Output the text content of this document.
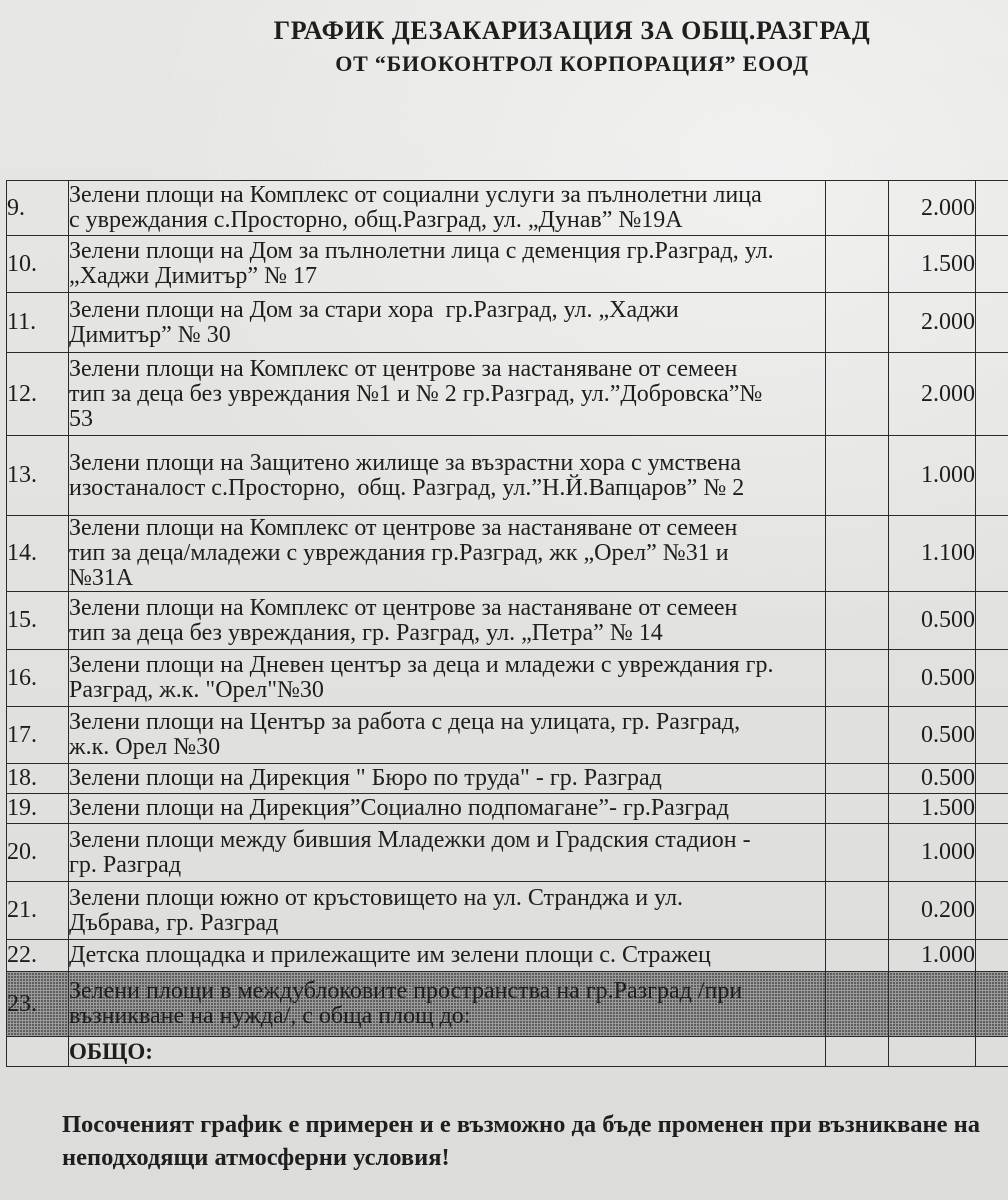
ГРАФИК ДЕЗАКАРИЗАЦИЯ ЗА ОБЩ.РАЗГРАД
ОТ “БИОКОНТРОЛ КОРПОРАЦИЯ” ЕООД
9.	Зелени площи на Комплекс от социални услуги за пълнолетни лица
с увреждания с.Просторно, общ.Разград, ул. „Дунав” №19А		2.000	
10.	Зелени площи на Дом за пълнолетни лица с деменция гр.Разград, ул.
„Хаджи Димитър” № 17		1.500	
11.	Зелени площи на Дом за стари хора  гр.Разград, ул. „Хаджи
Димитър” № 30		2.000	
12.	Зелени площи на Комплекс от центрове за настаняване от семеен
тип за деца без увреждания №1 и № 2 гр.Разград, ул.”Добровска”№
53		2.000	
13.	Зелени площи на Защитено жилище за възрастни хора с умствена
изостаналост с.Просторно,  общ. Разград, ул.”Н.Й.Вапцаров” № 2		1.000	
14.	Зелени площи на Комплекс от центрове за настаняване от семеен
тип за деца/младежи с увреждания гр.Разград, жк „Орел” №31 и
№31А		1.100	
15.	Зелени площи на Комплекс от центрове за настаняване от семеен
тип за деца без увреждания, гр. Разград, ул. „Петра” № 14		0.500	
16.	Зелени площи на Дневен център за деца и младежи с увреждания гр.
Разград, ж.к. "Орел"№30		0.500	
17.	Зелени площи на Център за работа с деца на улицата, гр. Разград,
ж.к. Орел №30		0.500	
18.	Зелени площи на Дирекция " Бюро по труда" - гр. Разград		0.500	
19.	Зелени площи на Дирекция”Социално подпомагане”- гр.Разград		1.500	
20.	Зелени площи между бившия Младежки дом и Градския стадион -
гр. Разград		1.000	
21.	Зелени площи южно от кръстовището на ул. Странджа и ул.
Дъбрава, гр. Разград		0.200	
22.	Детска площадка и прилежащите им зелени площи с. Стражец		1.000	
23.	Зелени площи в междублоковите пространства на гр.Разград /при
възникване на нужда/, с обща площ до:			

	ОБЩО:			
Посоченият график е примерен и е възможно да бъде променен при възникване на неподходящи атмосферни условия!
